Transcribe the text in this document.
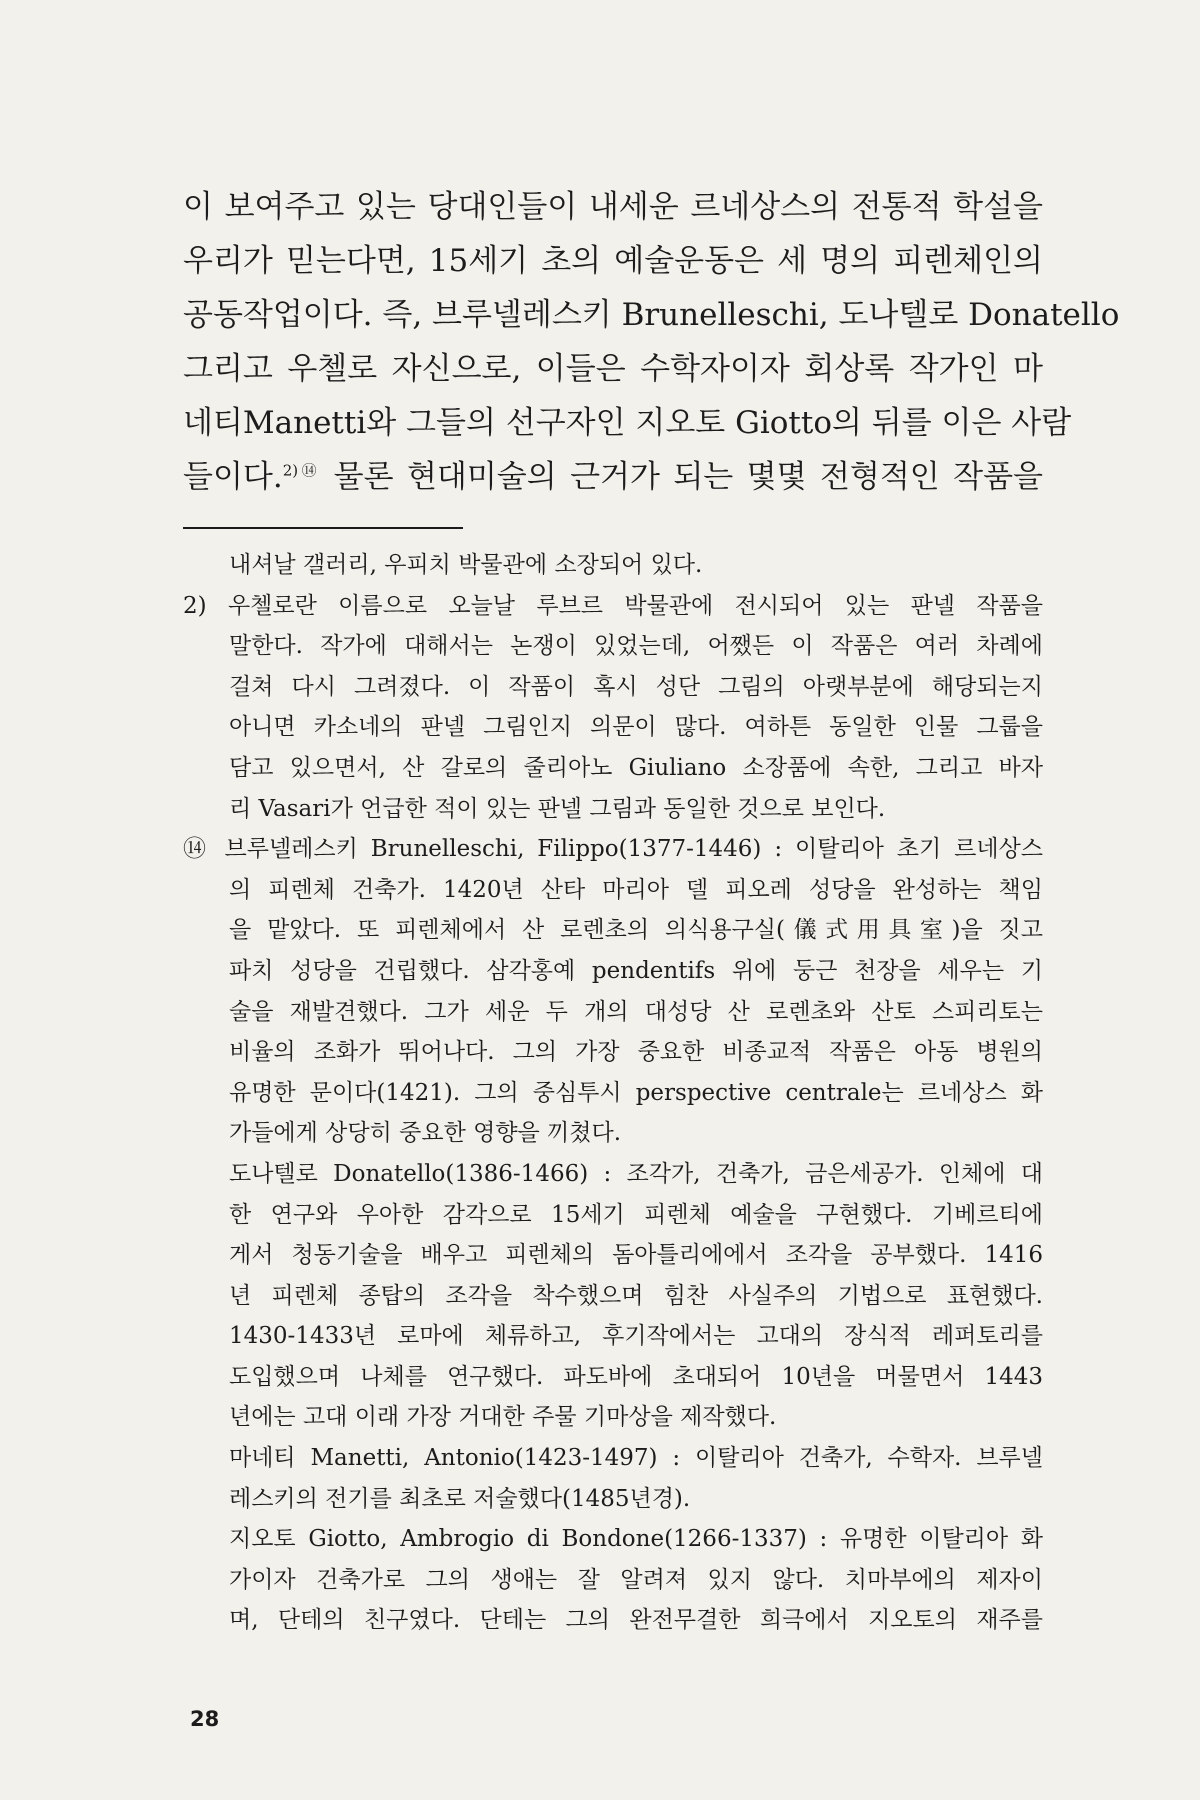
이 보여주고 있는 당대인들이 내세운 르네상스의 전통적 학설을
우리가 믿는다면, 15세기 초의 예술운동은 세 명의 피렌체인의
공동작업이다. 즉, 브루넬레스키 Brunelleschi, 도나텔로 Donatello
그리고 우첼로 자신으로, 이들은 수학자이자 회상록 작가인 마
네티Manetti와 그들의 선구자인 지오토 Giotto의 뒤를 이은 사람
들이다.$^{2)⑭}$ 물론 현대미술의 근거가 되는 몇몇 전형적인 작품을
내셔날 갤러리, 우피치 박물관에 소장되어 있다.
2) 우첼로란 이름으로 오늘날 루브르 박물관에 전시되어 있는 판넬 작품을
말한다. 작가에 대해서는 논쟁이 있었는데, 어쨌든 이 작품은 여러 차례에
걸쳐 다시 그려졌다. 이 작품이 혹시 성단 그림의 아랫부분에 해당되는지
아니면 카소네의 판넬 그림인지 의문이 많다. 여하튼 동일한 인물 그룹을
담고 있으면서, 산 갈로의 줄리아노 Giuliano 소장품에 속한, 그리고 바자
리 Vasari가 언급한 적이 있는 판넬 그림과 동일한 것으로 보인다.
⑭ 브루넬레스키 Brunelleschi, Filippo(1377-1446) : 이탈리아 초기 르네상스
의 피렌체 건축가. 1420년 산타 마리아 델 피오레 성당을 완성하는 책임
을 맡았다. 또 피렌체에서 산 로렌초의 의식용구실(儀式用具室)을 짓고
파치 성당을 건립했다. 삼각홍예 pendentifs 위에 둥근 천장을 세우는 기
술을 재발견했다. 그가 세운 두 개의 대성당 산 로렌초와 산토 스피리토는
비율의 조화가 뛰어나다. 그의 가장 중요한 비종교적 작품은 아동 병원의
유명한 문이다(1421). 그의 중심투시 perspective centrale는 르네상스 화
가들에게 상당히 중요한 영향을 끼쳤다.
도나텔로 Donatello(1386-1466) : 조각가, 건축가, 금은세공가. 인체에 대
한 연구와 우아한 감각으로 15세기 피렌체 예술을 구현했다. 기베르티에
게서 청동기술을 배우고 피렌체의 돔아틀리에에서 조각을 공부했다. 1416
년 피렌체 종탑의 조각을 착수했으며 힘찬 사실주의 기법으로 표현했다.
1430-1433년 로마에 체류하고, 후기작에서는 고대의 장식적 레퍼토리를
도입했으며 나체를 연구했다. 파도바에 초대되어 10년을 머물면서 1443
년에는 고대 이래 가장 거대한 주물 기마상을 제작했다.
마네티 Manetti, Antonio(1423-1497) : 이탈리아 건축가, 수학자. 브루넬
레스키의 전기를 최초로 저술했다(1485년경).
지오토 Giotto, Ambrogio di Bondone(1266-1337) : 유명한 이탈리아 화
가이자 건축가로 그의 생애는 잘 알려져 있지 않다. 치마부에의 제자이
며, 단테의 친구였다. 단테는 그의 완전무결한 희극에서 지오토의 재주를
28
